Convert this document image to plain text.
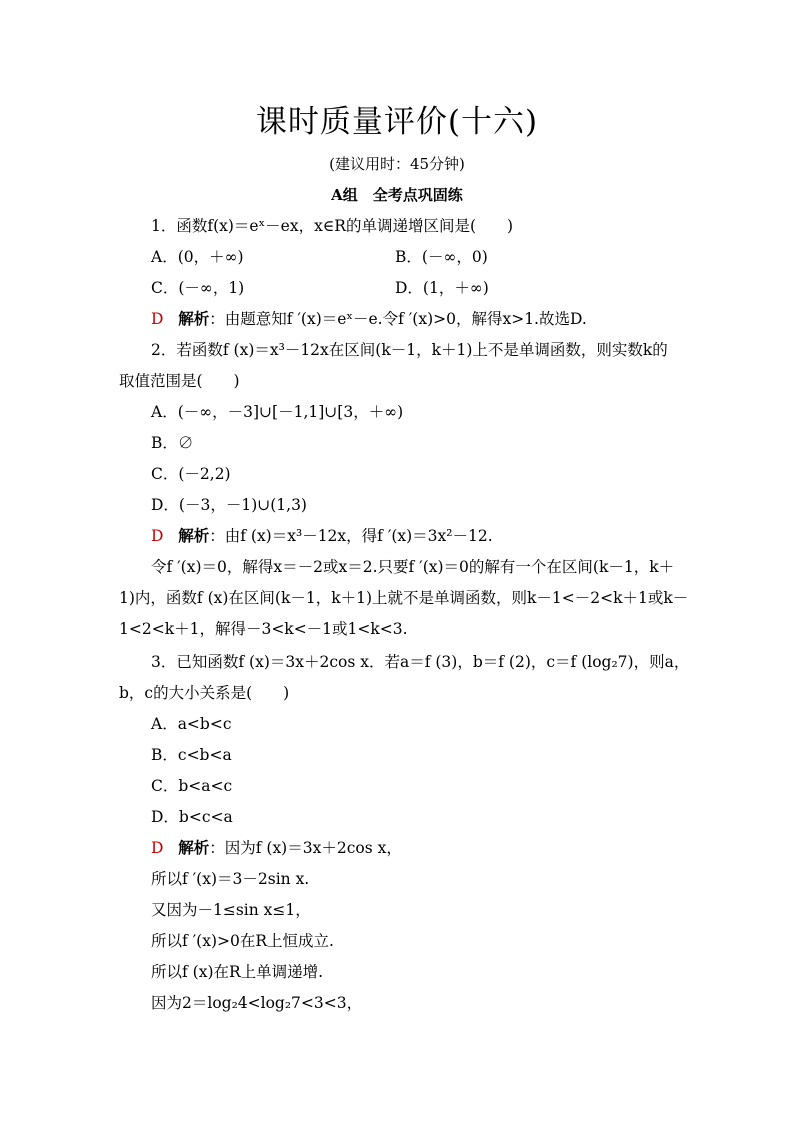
课时质量评价(十六)
(建议用时：45分钟)
A组　全考点巩固练
1．函数f(x)＝eˣ－ex，x∈R的单调递增区间是(　　)
A．(0，＋∞)	B．(－∞，0)
C．(－∞，1)	D．(1，＋∞)
D 解析：由题意知f ′(x)＝eˣ－e.令f ′(x)>0，解得x>1.故选D.
2．若函数f (x)＝x³－12x在区间(k－1，k＋1)上不是单调函数，则实数k的
取值范围是(　　)
A．(－∞，－3]∪[－1,1]∪[3，＋∞)
B．∅
C．(－2,2)
D．(－3，－1)∪(1,3)
D 解析：由f (x)＝x³－12x，得f ′(x)＝3x²－12.
令f ′(x)＝0，解得x＝－2或x＝2.只要f ′(x)＝0的解有一个在区间(k－1，k＋
1)内，函数f (x)在区间(k－1，k＋1)上就不是单调函数，则k－1<－2<k＋1或k－
1<2<k＋1，解得－3<k<－1或1<k<3.
3．已知函数f (x)＝3x＋2cos x．若a＝f (3)，b＝f (2)，c＝f (log₂7)，则a，
b，c的大小关系是(　　)
A．a<b<c
B．c<b<a
C．b<a<c
D．b<c<a
D 解析：因为f (x)＝3x＋2cos x，
所以f ′(x)＝3－2sin x.
又因为－1≤sin x≤1，
所以f ′(x)>0在R上恒成立.
所以f (x)在R上单调递增.
因为2＝log₂4<log₂7<3<3，
